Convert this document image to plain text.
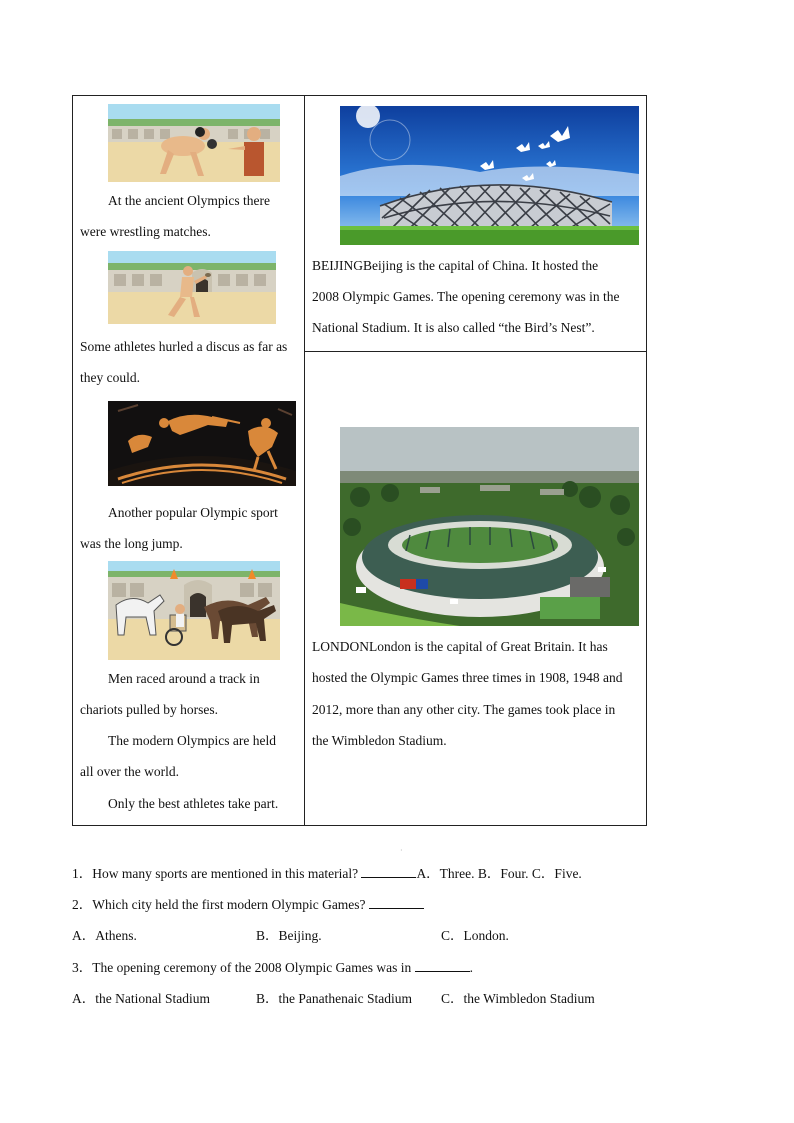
At the ancient Olympics there

were wrestling matches.

Some athletes hurled a discus as far as

they could.

Another popular Olympic sport

was the long jump.

Men raced around a track in

chariots pulled by horses.

The modern Olympics are held

all over the world.

Only the best athletes take part.

BEIJINGBeijing is the capital of China. It hosted the

2008 Olympic Games. The opening ceremony was in the

National Stadium. It is also called “the Bird’s Nest”.

LONDONLondon is the capital of Great Britain. It has

hosted the Olympic Games three times in 1908, 1948 and

2012, more than any other city. The games took place in

the Wimbledon Stadium.

·

1．How many sports are mentioned in this material?	A．Three. B．Four. C．Five.

2．Which city held the first modern Olympic Games?

A．Athens.	B．Beijing.	C．London.

3．The opening ceremony of the 2008 Olympic Games was in	.

A．the National Stadium	B．the Panathenaic Stadium C．the Wimbledon Stadium
